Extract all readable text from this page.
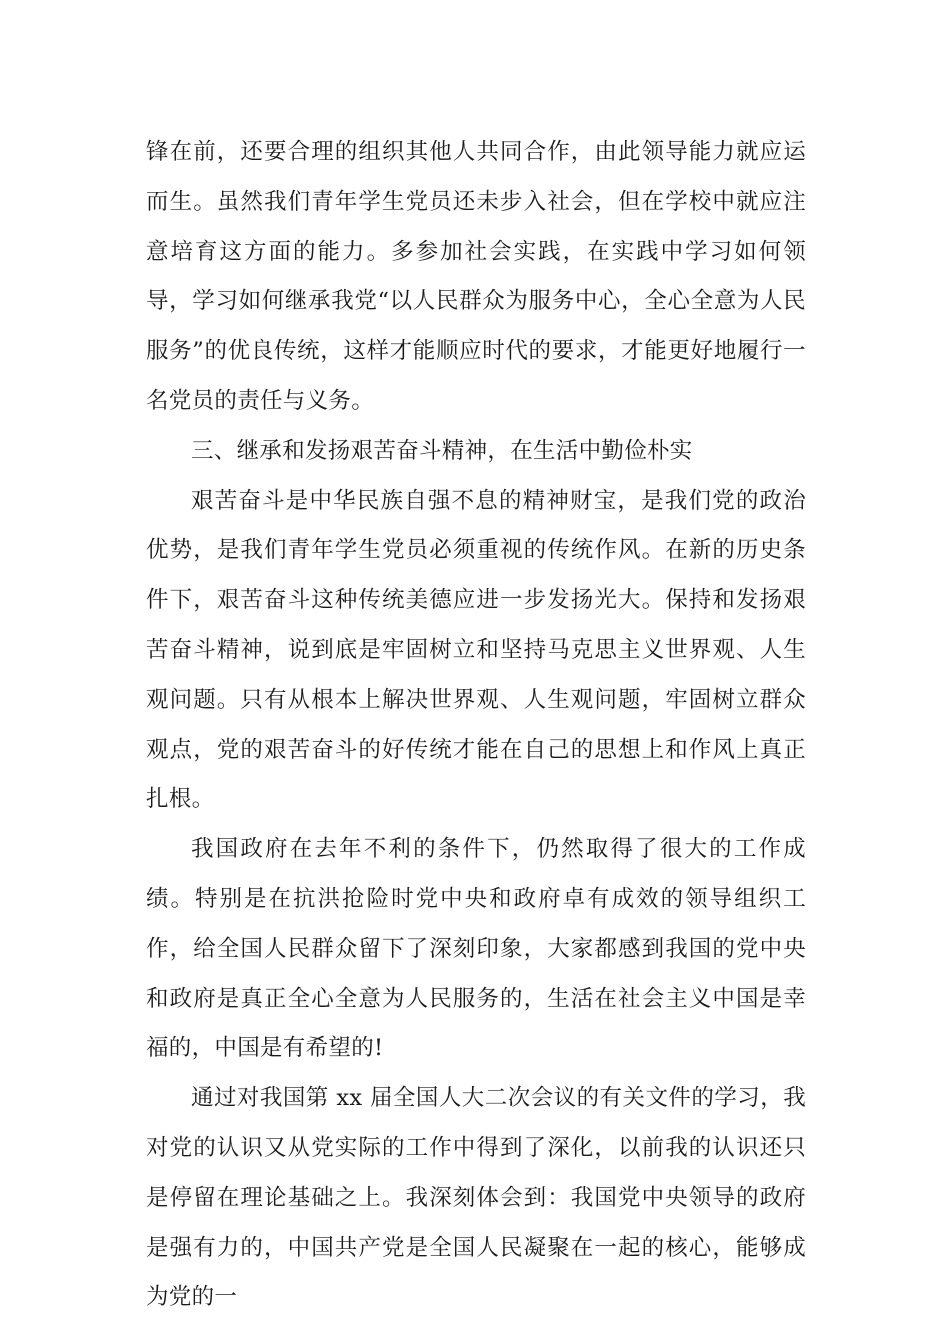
锋在前，还要合理的组织其他人共同合作，由此领导能力就应运而生。虽然我们青年学生党员还未步入社会，但在学校中就应注意培育这方面的能力。多参加社会实践，在实践中学习如何领导，学习如何继承我党“以人民群众为服务中心，全心全意为人民服务”的优良传统，这样才能顺应时代的要求，才能更好地履行一名党员的责任与义务。

三、继承和发扬艰苦奋斗精神，在生活中勤俭朴实

艰苦奋斗是中华民族自强不息的精神财宝，是我们党的政治优势，是我们青年学生党员必须重视的传统作风。在新的历史条件下，艰苦奋斗这种传统美德应进一步发扬光大。保持和发扬艰苦奋斗精神，说到底是牢固树立和坚持马克思主义世界观、人生观问题。只有从根本上解决世界观、人生观问题，牢固树立群众观点，党的艰苦奋斗的好传统才能在自己的思想上和作风上真正扎根。

我国政府在去年不利的条件下，仍然取得了很大的工作成绩。特别是在抗洪抢险时党中央和政府卓有成效的领导组织工作，给全国人民群众留下了深刻印象，大家都感到我国的党中央和政府是真正全心全意为人民服务的，生活在社会主义中国是幸福的，中国是有希望的!

通过对我国第 xx 届全国人大二次会议的有关文件的学习，我对党的认识又从党实际的工作中得到了深化，以前我的认识还只是停留在理论基础之上。我深刻体会到：我国党中央领导的政府是强有力的，中国共产党是全国人民凝聚在一起的核心，能够成为党的一
